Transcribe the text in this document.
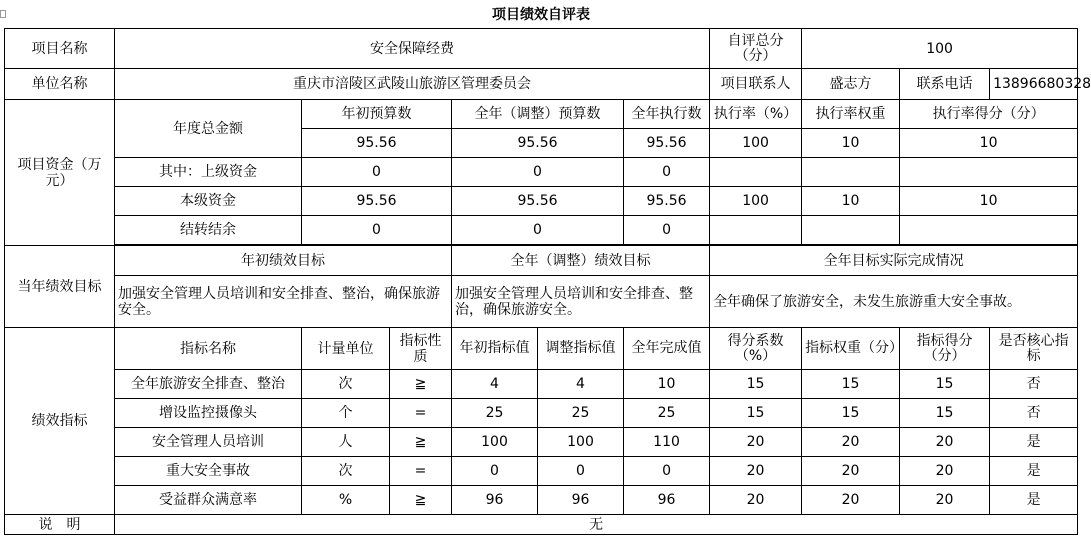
项目绩效自评表
项目名称	安全保障经费						自评总分（分）	100		
单位名称	重庆市涪陵区武陵山旅游区管理委员会						项目联系人	盛志方	联系电话	13896680328
项目资金（万元）	年度总金额	年初预算数		全年（调整）预算数		全年执行数	执行率（%）	执行率权重	执行率得分（分）	
		95.56		95.56		95.56	100	10	10	
	其中：上级资金	0		0		0				
	本级资金	95.56		95.56		95.56	100	10	10	
	结转结余	0		0		0				

当年绩效目标	年初绩效目标			全年（调整）绩效目标			全年目标实际完成情况			
	加强安全管理人员培训和安全排查、整治，确保旅游安全。			加强安全管理人员培训和安全排查、整治，确保旅游安全。			全年确保了旅游安全，未发生旅游重大安全事故。			
绩效指标	指标名称	计量单位	指标性质	年初指标值	调整指标值	全年完成值	得分系数（%）	指标权重（分）	指标得分（分）	是否核心指标
	全年旅游安全排查、整治	次	≧	4	4	10	15	15	15	否
	增设监控摄像头	个	=	25	25	25	15	15	15	否
	安全管理人员培训	人	≧	100	100	110	20	20	20	是
	重大安全事故	次	=	0	0	0	20	20	20	是
	受益群众满意率	%	≧	96	96	96	20	20	20	是
说　明	无									
